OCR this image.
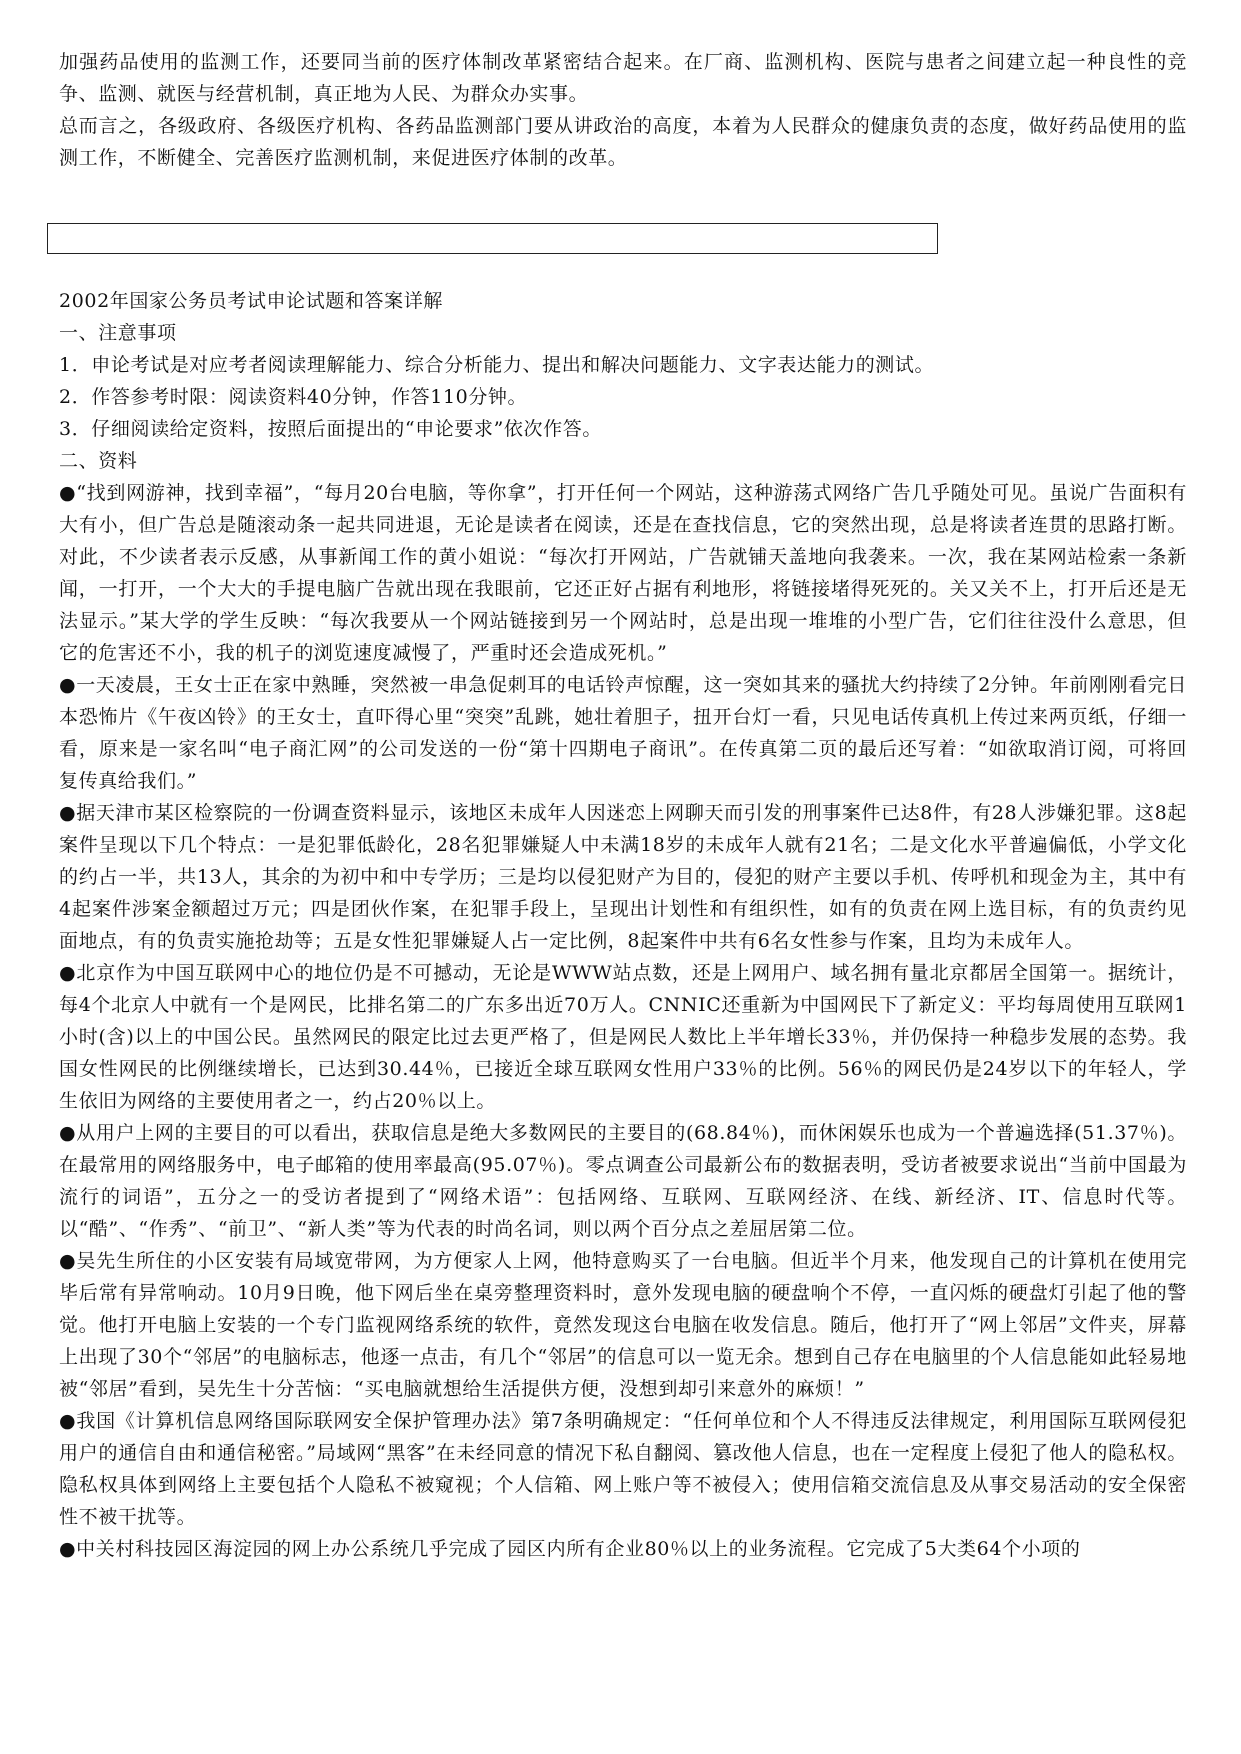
加强药品使用的监测工作，还要同当前的医疗体制改革紧密结合起来。在厂商、监测机构、医院与患者之间建立起一种良性的竞争、监测、就医与经营机制，真正地为人民、为群众办实事。

总而言之，各级政府、各级医疗机构、各药品监测部门要从讲政治的高度，本着为人民群众的健康负责的态度，做好药品使用的监测工作，不断健全、完善医疗监测机制，来促进医疗体制的改革。

2002年国家公务员考试申论试题和答案详解

一、注意事项

1．申论考试是对应考者阅读理解能力、综合分析能力、提出和解决问题能力、文字表达能力的测试。

2．作答参考时限：阅读资料40分钟，作答110分钟。

3．仔细阅读给定资料，按照后面提出的“申论要求”依次作答。

二、资料

●“找到网游神，找到幸福”，“每月20台电脑，等你拿”，打开任何一个网站，这种游荡式网络广告几乎随处可见。虽说广告面积有大有小，但广告总是随滚动条一起共同进退，无论是读者在阅读，还是在查找信息，它的突然出现，总是将读者连贯的思路打断。对此，不少读者表示反感，从事新闻工作的黄小姐说：“每次打开网站，广告就铺天盖地向我袭来。一次，我在某网站检索一条新闻，一打开，一个大大的手提电脑广告就出现在我眼前，它还正好占据有利地形，将链接堵得死死的。关又关不上，打开后还是无法显示。”某大学的学生反映：“每次我要从一个网站链接到另一个网站时，总是出现一堆堆的小型广告，它们往往没什么意思，但它的危害还不小，我的机子的浏览速度减慢了，严重时还会造成死机。”

●一天凌晨，王女士正在家中熟睡，突然被一串急促刺耳的电话铃声惊醒，这一突如其来的骚扰大约持续了2分钟。年前刚刚看完日本恐怖片《午夜凶铃》的王女士，直吓得心里“突突”乱跳，她壮着胆子，扭开台灯一看，只见电话传真机上传过来两页纸，仔细一看，原来是一家名叫“电子商汇网”的公司发送的一份“第十四期电子商讯”。在传真第二页的最后还写着：“如欲取消订阅，可将回复传真给我们。”

●据天津市某区检察院的一份调查资料显示，该地区未成年人因迷恋上网聊天而引发的刑事案件已达8件，有28人涉嫌犯罪。这8起案件呈现以下几个特点：一是犯罪低龄化，28名犯罪嫌疑人中未满18岁的未成年人就有21名；二是文化水平普遍偏低，小学文化的约占一半，共13人，其余的为初中和中专学历；三是均以侵犯财产为目的，侵犯的财产主要以手机、传呼机和现金为主，其中有4起案件涉案金额超过万元；四是团伙作案，在犯罪手段上，呈现出计划性和有组织性，如有的负责在网上选目标，有的负责约见面地点，有的负责实施抢劫等；五是女性犯罪嫌疑人占一定比例，8起案件中共有6名女性参与作案，且均为未成年人。

●北京作为中国互联网中心的地位仍是不可撼动，无论是WWW站点数，还是上网用户、域名拥有量北京都居全国第一。据统计，每4个北京人中就有一个是网民，比排名第二的广东多出近70万人。CNNIC还重新为中国网民下了新定义：平均每周使用互联网1小时(含)以上的中国公民。虽然网民的限定比过去更严格了，但是网民人数比上半年增长33％，并仍保持一种稳步发展的态势。我国女性网民的比例继续增长，已达到30.44％，已接近全球互联网女性用户33％的比例。56％的网民仍是24岁以下的年轻人，学生依旧为网络的主要使用者之一，约占20％以上。

●从用户上网的主要目的可以看出，获取信息是绝大多数网民的主要目的(68.84％)，而休闲娱乐也成为一个普遍选择(51.37％)。在最常用的网络服务中，电子邮箱的使用率最高(95.07％)。零点调查公司最新公布的数据表明，受访者被要求说出“当前中国最为流行的词语”，五分之一的受访者提到了“网络术语”：包括网络、互联网、互联网经济、在线、新经济、IT、信息时代等。以“酷”、“作秀”、“前卫”、“新人类”等为代表的时尚名词，则以两个百分点之差屈居第二位。

●吴先生所住的小区安装有局域宽带网，为方便家人上网，他特意购买了一台电脑。但近半个月来，他发现自己的计算机在使用完毕后常有异常响动。10月9日晚，他下网后坐在桌旁整理资料时，意外发现电脑的硬盘响个不停，一直闪烁的硬盘灯引起了他的警觉。他打开电脑上安装的一个专门监视网络系统的软件，竟然发现这台电脑在收发信息。随后，他打开了“网上邻居”文件夹，屏幕上出现了30个“邻居”的电脑标志，他逐一点击，有几个“邻居”的信息可以一览无余。想到自己存在电脑里的个人信息能如此轻易地被“邻居”看到，吴先生十分苦恼：“买电脑就想给生活提供方便，没想到却引来意外的麻烦！”

●我国《计算机信息网络国际联网安全保护管理办法》第7条明确规定：“任何单位和个人不得违反法律规定，利用国际互联网侵犯用户的通信自由和通信秘密。”局域网“黑客”在未经同意的情况下私自翻阅、篡改他人信息，也在一定程度上侵犯了他人的隐私权。隐私权具体到网络上主要包括个人隐私不被窥视；个人信箱、网上账户等不被侵入；使用信箱交流信息及从事交易活动的安全保密性不被干扰等。

●中关村科技园区海淀园的网上办公系统几乎完成了园区内所有企业80％以上的业务流程。它完成了5大类64个小项的
